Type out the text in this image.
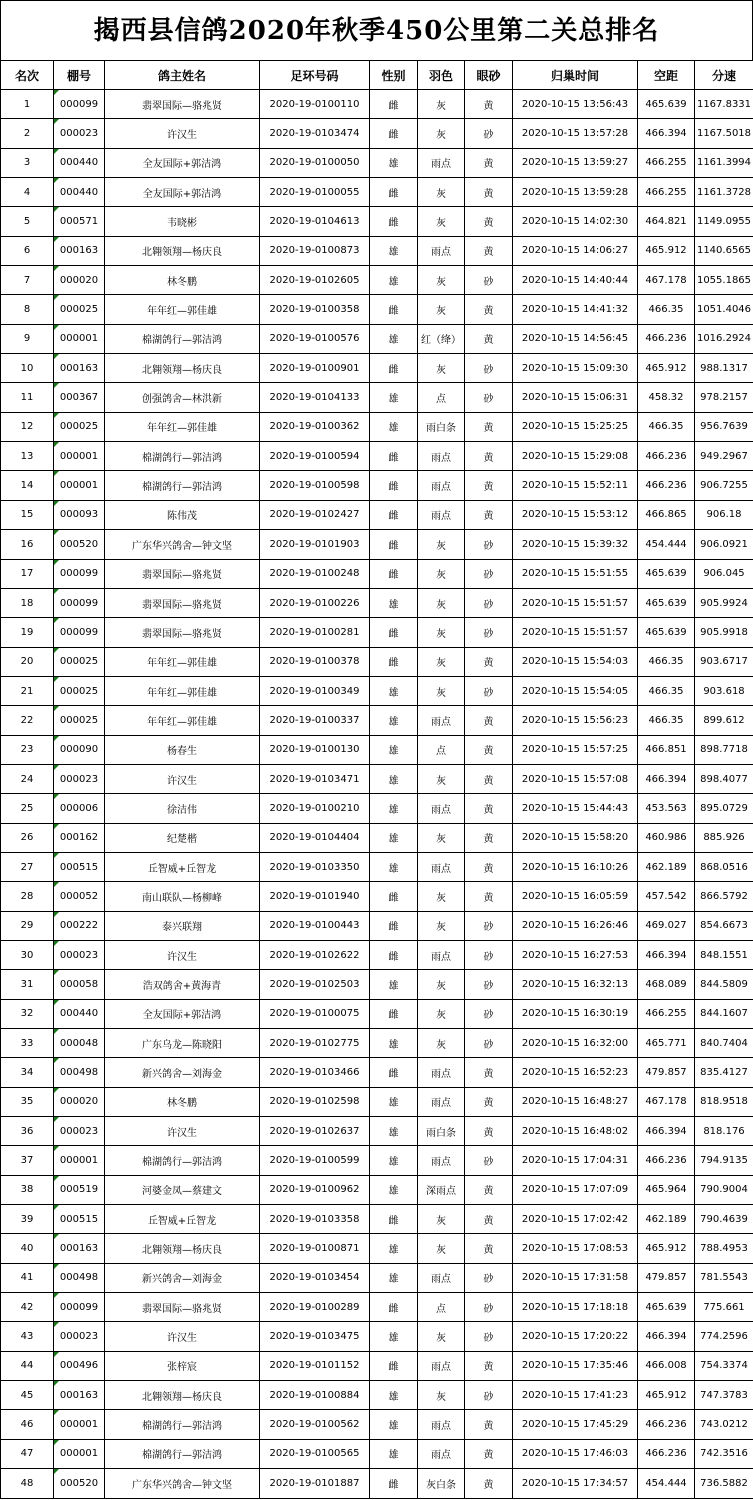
揭西县信鸽2020年秋季450公里第二关总排名
名次	棚号	鸽主姓名	足环号码	性别	羽色	眼砂	归巢时间	空距	分速
1	000099	翡翠国际—骆兆贤	2020-19-0100110	雌	灰	黄	2020-10-15 13:56:43	465.639	1167.8331
2	000023	许汉生	2020-19-0103474	雌	灰	砂	2020-10-15 13:57:28	466.394	1167.5018
3	000440	全友国际+郭洁鸿	2020-19-0100050	雄	雨点	黄	2020-10-15 13:59:27	466.255	1161.3994
4	000440	全友国际+郭洁鸿	2020-19-0100055	雌	灰	黄	2020-10-15 13:59:28	466.255	1161.3728
5	000571	韦晓彬	2020-19-0104613	雌	灰	黄	2020-10-15 14:02:30	464.821	1149.0955
6	000163	北翱领翔—杨庆良	2020-19-0100873	雄	雨点	黄	2020-10-15 14:06:27	465.912	1140.6565
7	000020	林冬鹏	2020-19-0102605	雄	灰	砂	2020-10-15 14:40:44	467.178	1055.1865
8	000025	年年红—郭佳雄	2020-19-0100358	雌	灰	黄	2020-10-15 14:41:32	466.35	1051.4046
9	000001	棉湖鸽行—郭洁鸿	2020-19-0100576	雄	红（绛）	黄	2020-10-15 14:56:45	466.236	1016.2924
10	000163	北翱领翔—杨庆良	2020-19-0100901	雌	灰	砂	2020-10-15 15:09:30	465.912	988.1317
11	000367	创强鸽舍—林洪新	2020-19-0104133	雄	点	砂	2020-10-15 15:06:31	458.32	978.2157
12	000025	年年红—郭佳雄	2020-19-0100362	雄	雨白条	黄	2020-10-15 15:25:25	466.35	956.7639
13	000001	棉湖鸽行—郭洁鸿	2020-19-0100594	雌	雨点	黄	2020-10-15 15:29:08	466.236	949.2967
14	000001	棉湖鸽行—郭洁鸿	2020-19-0100598	雌	雨点	黄	2020-10-15 15:52:11	466.236	906.7255
15	000093	陈伟茂	2020-19-0102427	雌	雨点	黄	2020-10-15 15:53:12	466.865	906.18
16	000520	广东华兴鸽舍—钟文坚	2020-19-0101903	雌	灰	砂	2020-10-15 15:39:32	454.444	906.0921
17	000099	翡翠国际—骆兆贤	2020-19-0100248	雌	灰	砂	2020-10-15 15:51:55	465.639	906.045
18	000099	翡翠国际—骆兆贤	2020-19-0100226	雄	灰	砂	2020-10-15 15:51:57	465.639	905.9924
19	000099	翡翠国际—骆兆贤	2020-19-0100281	雌	灰	砂	2020-10-15 15:51:57	465.639	905.9918
20	000025	年年红—郭佳雄	2020-19-0100378	雌	灰	黄	2020-10-15 15:54:03	466.35	903.6717
21	000025	年年红—郭佳雄	2020-19-0100349	雄	灰	砂	2020-10-15 15:54:05	466.35	903.618
22	000025	年年红—郭佳雄	2020-19-0100337	雄	雨点	黄	2020-10-15 15:56:23	466.35	899.612
23	000090	杨春生	2020-19-0100130	雄	点	黄	2020-10-15 15:57:25	466.851	898.7718
24	000023	许汉生	2020-19-0103471	雄	灰	黄	2020-10-15 15:57:08	466.394	898.4077
25	000006	徐洁伟	2020-19-0100210	雄	雨点	黄	2020-10-15 15:44:43	453.563	895.0729
26	000162	纪楚楷	2020-19-0104404	雄	灰	黄	2020-10-15 15:58:20	460.986	885.926
27	000515	丘智威+丘智龙	2020-19-0103350	雄	雨点	黄	2020-10-15 16:10:26	462.189	868.0516
28	000052	南山联队—杨柳峰	2020-19-0101940	雌	灰	黄	2020-10-15 16:05:59	457.542	866.5792
29	000222	泰兴联翔	2020-19-0100443	雌	灰	砂	2020-10-15 16:26:46	469.027	854.6673
30	000023	许汉生	2020-19-0102622	雌	雨点	砂	2020-10-15 16:27:53	466.394	848.1551
31	000058	浩双鸽舍+黄海青	2020-19-0102503	雄	灰	砂	2020-10-15 16:32:13	468.089	844.5809
32	000440	全友国际+郭洁鸿	2020-19-0100075	雌	灰	砂	2020-10-15 16:30:19	466.255	844.1607
33	000048	广东乌龙—陈晓阳	2020-19-0102775	雄	灰	砂	2020-10-15 16:32:00	465.771	840.7404
34	000498	新兴鸽舍—刘海金	2020-19-0103466	雌	雨点	黄	2020-10-15 16:52:23	479.857	835.4127
35	000020	林冬鹏	2020-19-0102598	雄	雨点	黄	2020-10-15 16:48:27	467.178	818.9518
36	000023	许汉生	2020-19-0102637	雄	雨白条	黄	2020-10-15 16:48:02	466.394	818.176
37	000001	棉湖鸽行—郭洁鸿	2020-19-0100599	雄	雨点	砂	2020-10-15 17:04:31	466.236	794.9135
38	000519	河婆金凤—蔡建文	2020-19-0100962	雄	深雨点	黄	2020-10-15 17:07:09	465.964	790.9004
39	000515	丘智威+丘智龙	2020-19-0103358	雌	灰	黄	2020-10-15 17:02:42	462.189	790.4639
40	000163	北翱领翔—杨庆良	2020-19-0100871	雄	灰	黄	2020-10-15 17:08:53	465.912	788.4953
41	000498	新兴鸽舍—刘海金	2020-19-0103454	雄	雨点	砂	2020-10-15 17:31:58	479.857	781.5543
42	000099	翡翠国际—骆兆贤	2020-19-0100289	雌	点	砂	2020-10-15 17:18:18	465.639	775.661
43	000023	许汉生	2020-19-0103475	雄	灰	砂	2020-10-15 17:20:22	466.394	774.2596
44	000496	张梓宸	2020-19-0101152	雌	雨点	黄	2020-10-15 17:35:46	466.008	754.3374
45	000163	北翱领翔—杨庆良	2020-19-0100884	雄	灰	砂	2020-10-15 17:41:23	465.912	747.3783
46	000001	棉湖鸽行—郭洁鸿	2020-19-0100562	雄	雨点	黄	2020-10-15 17:45:29	466.236	743.0212
47	000001	棉湖鸽行—郭洁鸿	2020-19-0100565	雄	雨点	黄	2020-10-15 17:46:03	466.236	742.3516
48	000520	广东华兴鸽舍—钟文坚	2020-19-0101887	雌	灰白条	黄	2020-10-15 17:34:57	454.444	736.5882
